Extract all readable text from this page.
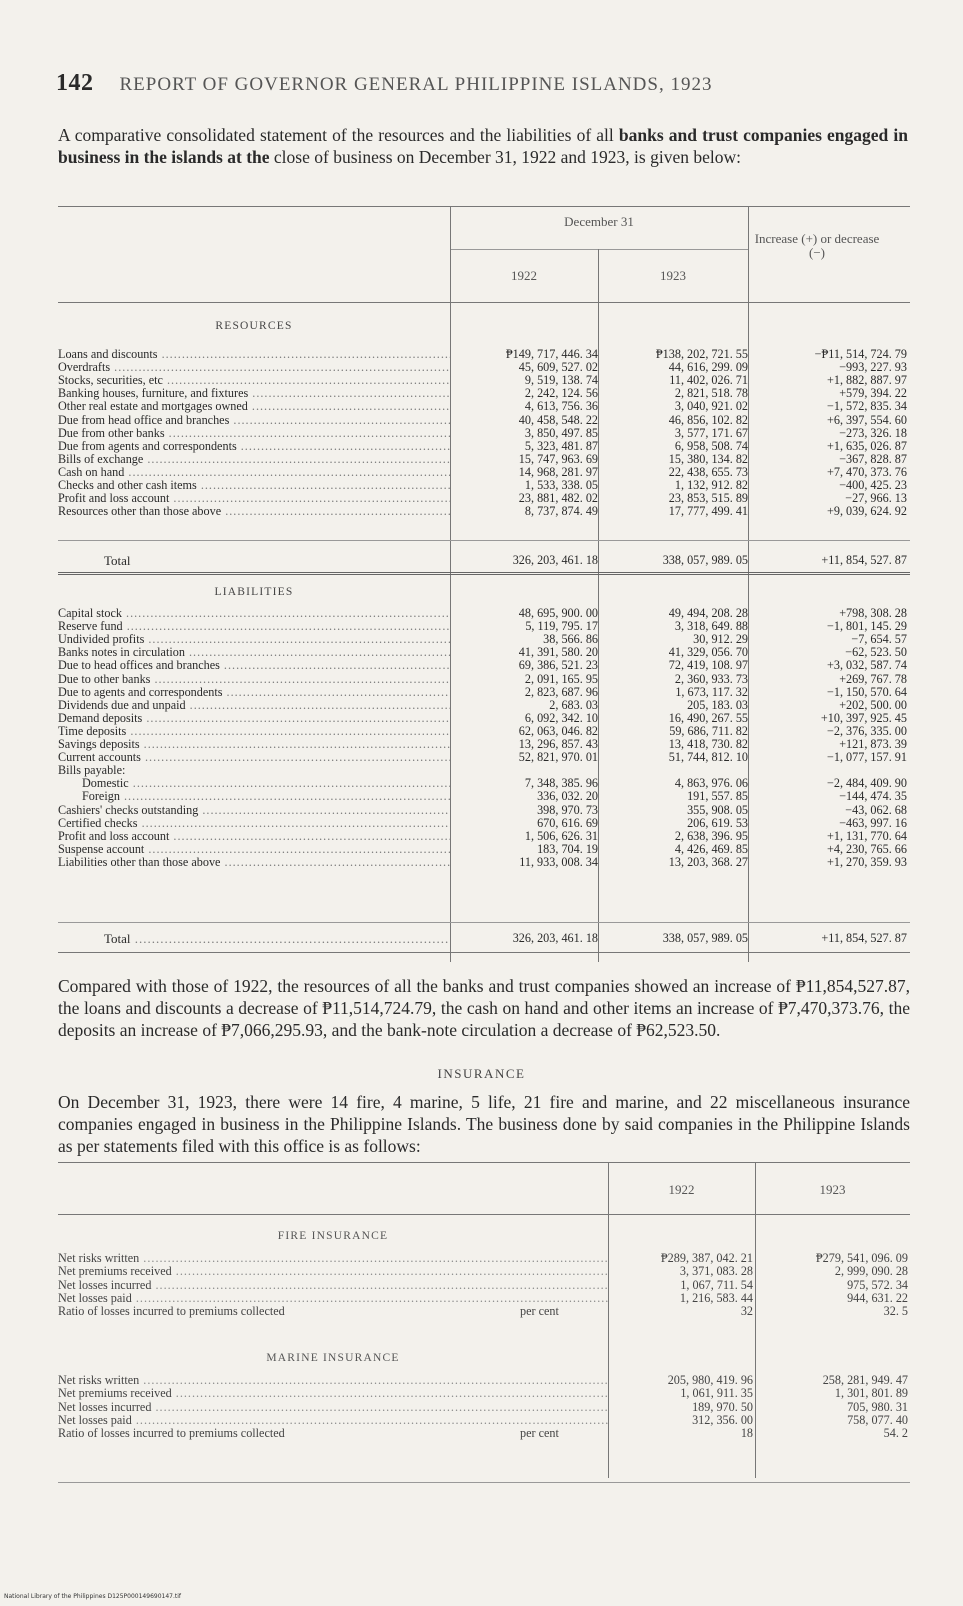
142 REPORT OF GOVERNOR GENERAL PHILIPPINE ISLANDS, 1923
A comparative consolidated statement of the resources and the liabilities of all banks and trust companies engaged in business in the islands at the close of business on December 31, 1922 and 1923, is given below:
December 31
1922	1923
Increase (+) or decrease (−)
RESOURCES
Loans and discounts .....	₱149, 717, 446. 34	₱138, 202, 721. 55	−₱11, 514, 724. 79
Overdrafts .....	45, 609, 527. 02	44, 616, 299. 09	−993, 227. 93
Stocks, securities, etc .....	9, 519, 138. 74	11, 402, 026. 71	+1, 882, 887. 97
Banking houses, furniture, and fixtures .....	2, 242, 124. 56	2, 821, 518. 78	+579, 394. 22
Other real estate and mortgages owned .....	4, 613, 756. 36	3, 040, 921. 02	−1, 572, 835. 34
Due from head office and branches .....	40, 458, 548. 22	46, 856, 102. 82	+6, 397, 554. 60
Due from other banks .....	3, 850, 497. 85	3, 577, 171. 67	−273, 326. 18
Due from agents and correspondents .....	5, 323, 481. 87	6, 958, 508. 74	+1, 635, 026. 87
Bills of exchange .....	15, 747, 963. 69	15, 380, 134. 82	−367, 828. 87
Cash on hand .....	14, 968, 281. 97	22, 438, 655. 73	+7, 470, 373. 76
Checks and other cash items .....	1, 533, 338. 05	1, 132, 912. 82	−400, 425. 23
Profit and loss account .....	23, 881, 482. 02	23, 853, 515. 89	−27, 966. 13
Resources other than those above .....	8, 737, 874. 49	17, 777, 499. 41	+9, 039, 624. 92
Total	326, 203, 461. 18	338, 057, 989. 05	+11, 854, 527. 87
LIABILITIES
Capital stock .....	48, 695, 900. 00	49, 494, 208. 28	+798, 308. 28
Reserve fund .....	5, 119, 795. 17	3, 318, 649. 88	−1, 801, 145. 29
Undivided profits .....	38, 566. 86	30, 912. 29	−7, 654. 57
Banks notes in circulation .....	41, 391, 580. 20	41, 329, 056. 70	−62, 523. 50
Due to head offices and branches .....	69, 386, 521. 23	72, 419, 108. 97	+3, 032, 587. 74
Due to other banks .....	2, 091, 165. 95	2, 360, 933. 73	+269, 767. 78
Due to agents and correspondents .....	2, 823, 687. 96	1, 673, 117. 32	−1, 150, 570. 64
Dividends due and unpaid .....	2, 683. 03	205, 183. 03	+202, 500. 00
Demand deposits .....	6, 092, 342. 10	16, 490, 267. 55	+10, 397, 925. 45
Time deposits .....	62, 063, 046. 82	59, 686, 711. 82	−2, 376, 335. 00
Savings deposits .....	13, 296, 857. 43	13, 418, 730. 82	+121, 873. 39
Current accounts .....	52, 821, 970. 01	51, 744, 812. 10	−1, 077, 157. 91
Bills payable:
Domestic .....	7, 348, 385. 96	4, 863, 976. 06	−2, 484, 409. 90
Foreign .....	336, 032. 20	191, 557. 85	−144, 474. 35
Cashiers' checks outstanding .....	398, 970. 73	355, 908. 05	−43, 062. 68
Certified checks .....	670, 616. 69	206, 619. 53	−463, 997. 16
Profit and loss account .....	1, 506, 626. 31	2, 638, 396. 95	+1, 131, 770. 64
Suspense account .....	183, 704. 19	4, 426, 469. 85	+4, 230, 765. 66
Liabilities other than those above .....	11, 933, 008. 34	13, 203, 368. 27	+1, 270, 359. 93
Total .....	326, 203, 461. 18	338, 057, 989. 05	+11, 854, 527. 87
Compared with those of 1922, the resources of all the banks and trust companies showed an increase of ₱11,854,527.87, the loans and discounts a decrease of ₱11,514,724.79, the cash on hand and other items an increase of ₱7,470,373.76, the deposits an increase of ₱7,066,295.93, and the bank-note circulation a decrease of ₱62,523.50.
INSURANCE
On December 31, 1923, there were 14 fire, 4 marine, 5 life, 21 fire and marine, and 22 miscellaneous insurance companies engaged in business in the Philippine Islands. The business done by said companies in the Philippine Islands as per statements filed with this office is as follows:
1922	1923
FIRE INSURANCE
Net risks written .....	₱289, 387, 042. 21	₱279, 541, 096. 09
Net premiums received .....	3, 371, 083. 28	2, 999, 090. 28
Net losses incurred .....	1, 067, 711. 54	975, 572. 34
Net losses paid .....	1, 216, 583. 44	944, 631. 22
Ratio of losses incurred to premiums collected	32	32. 5
per cent
MARINE INSURANCE
Net risks written .....	205, 980, 419. 96	258, 281, 949. 47
Net premiums received .....	1, 061, 911. 35	1, 301, 801. 89
Net losses incurred .....	189, 970. 50	705, 980. 31
Net losses paid .....	312, 356. 00	758, 077. 40
Ratio of losses incurred to premiums collected	18	54. 2
per cent
National Library of the Philippines D125P000149690147.tif
